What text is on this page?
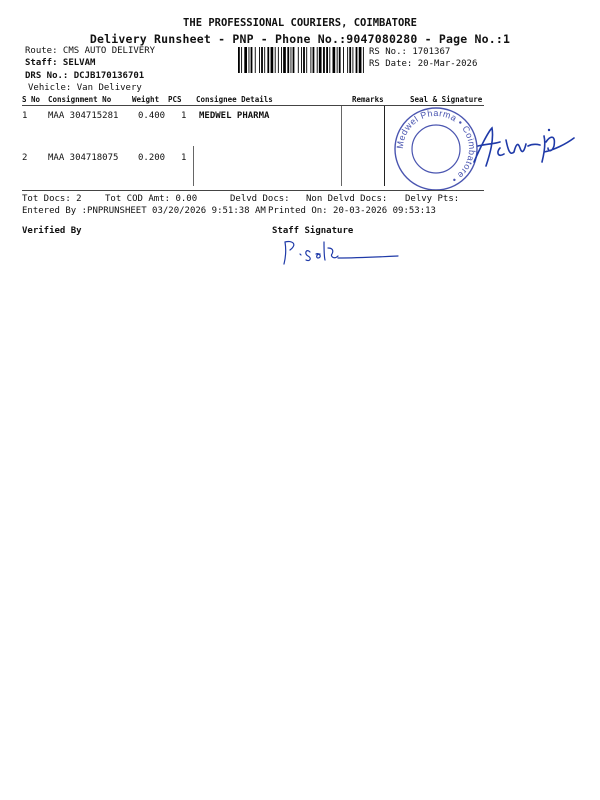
THE PROFESSIONAL COURIERS, COIMBATORE
Delivery Runsheet - PNP - Phone No.:9047080280 - Page No.:1
Route: CMS AUTO DELIVERY
Staff: SELVAM
DRS No.: DCJB170136701
Vehicle: Van Delivery
RS No.: 1701367
RS Date: 20-Mar-2026
S No Consignment No	Weight PCS Consignee Details	Remarks	Seal & Signature
1 MAA 304715281 0.400 1 MEDWEL PHARMA
2 MAA 304718075 0.200 1
Medwel Pharma • Coimbatore •
Tot Docs: 2	Tot COD Amt: 0.00	Delvd Docs: Non Delvd Docs: Delvy Pts:
Entered By :PNPRUNSHEET 03/20/2026 9:51:38 AM Printed On: 20-03-2026 09:53:13
Verified By	Staff Signature
